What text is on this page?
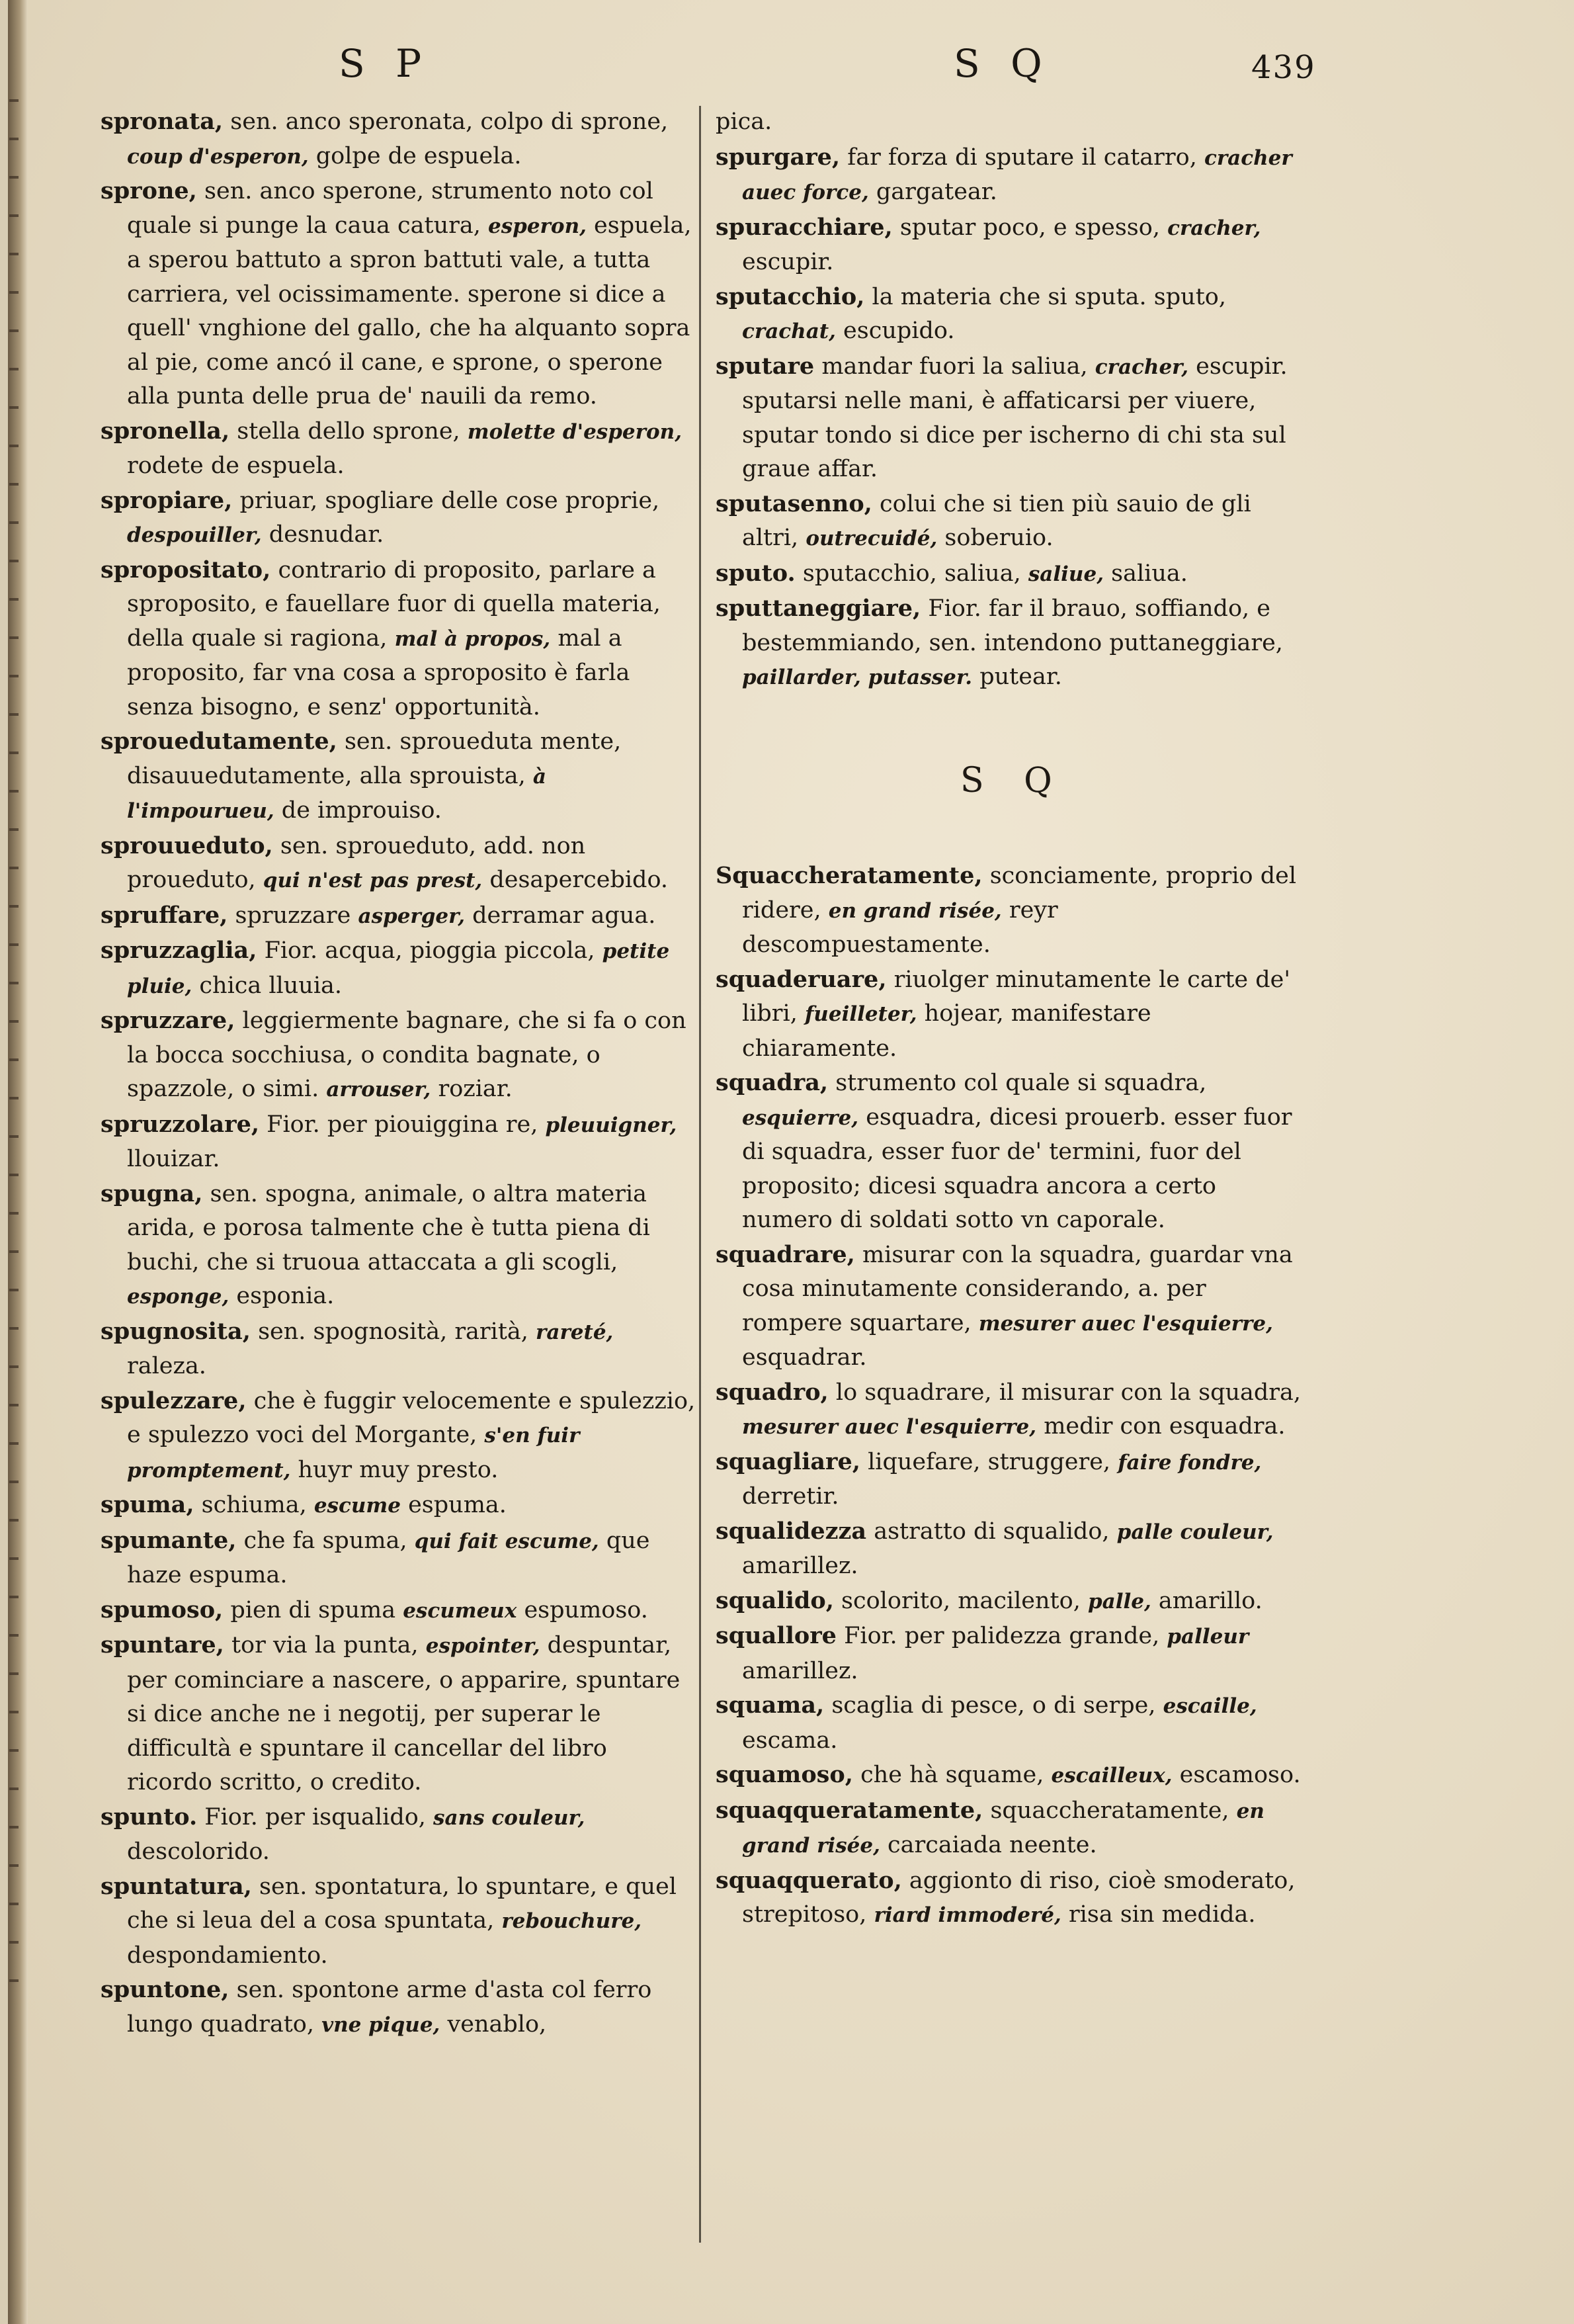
S P	S Q	439

spronata, sen. anco speronata, colpo di sprone, coup d'esperon, golpe de espuela.

sprone, sen. anco sperone, strumento noto col quale si punge la caua catura, esperon, espuela, a sperou battuto a spron battuti vale, a tutta carriera, vel ocissimamente. sperone si dice a quell' vnghione del gallo, che ha alquanto sopra al pie, come ancó il cane, e sprone, o sperone alla punta delle prua de' nauili da remo.

spronella, stella dello sprone, molette d'esperon, rodete de espuela.

spropiare, priuar, spogliare delle cose proprie, despouiller, desnudar.

spropositato, contrario di proposito, parlare a sproposito, e fauellare fuor di quella materia, della quale si ragiona, mal à propos, mal a proposito, far vna cosa a sproposito è farla senza bisogno, e senz' opportunità.

sprouedutamente, sen. sproueduta mente, disauuedutamente, alla sprouista, à l'impourueu, de improuiso.

sprouueduto, sen. sproueduto, add. non proueduto, qui n'est pas prest, desapercebido.

spruffare, spruzzare asperger, derramar agua.

spruzzaglia, Fior. acqua, pioggia piccola, petite pluie, chica lluuia.

spruzzare, leggiermente bagnare, che si fa o con la bocca socchiusa, o condita bagnate, o spazzole, o simi. arrouser, roziar.

spruzzolare, Fior. per piouiggina re, pleuuigner, llouizar.

spugna, sen. spogna, animale, o altra materia arida, e porosa talmente che è tutta piena di buchi, che si truoua attaccata a gli scogli, esponge, esponia.

spugnosita, sen. spognosità, rarità, rareté, raleza.

spulezzare, che è fuggir velocemente e spulezzio, e spulezzo voci del Morgante, s'en fuir promptement, huyr muy presto.

spuma, schiuma, escume espuma.

spumante, che fa spuma, qui fait escume, que haze espuma.

spumoso, pien di spuma escumeux espumoso.

spuntare, tor via la punta, espointer, despuntar, per cominciare a nascere, o apparire, spuntare si dice anche ne i negotij, per superar le difficultà e spuntare il cancellar del libro ricordo scritto, o credito.

spunto. Fior. per isqualido, sans couleur, descolorido.

spuntatura, sen. spontatura, lo spuntare, e quel che si leua del a cosa spuntata, rebouchure, despondamiento.

spuntone, sen. spontone arme d'asta col ferro lungo quadrato, vne pique, venablo,

pica.

spurgare, far forza di sputare il catarro, cracher auec force, gargatear.

spuracchiare, sputar poco, e spesso, cracher, escupir.

sputacchio, la materia che si sputa. sputo, crachat, escupido.

sputare mandar fuori la saliua, cracher, escupir. sputarsi nelle mani, è affaticarsi per viuere, sputar tondo si dice per ischerno di chi sta sul graue affar.

sputasenno, colui che si tien più sauio de gli altri, outrecuidé, soberuio.

sputo. sputacchio, saliua, saliue, saliua.

sputtaneggiare, Fior. far il brauo, soffiando, e bestemmiando, sen. intendono puttaneggiare, paillarder, putasser. putear.

Squaccheratamente, sconciamente, proprio del ridere, en grand risée, reyr descompuestamente.

squaderuare, riuolger minutamente le carte de' libri, fueilleter, hojear, manifestare chiaramente.

squadra, strumento col quale si squadra, esquierre, esquadra, dicesi prouerb. esser fuor di squadra, esser fuor de' termini, fuor del proposito; dicesi squadra ancora a certo numero di soldati sotto vn caporale.

squadrare, misurar con la squadra, guardar vna cosa minutamente considerando, a. per rompere squartare, mesurer auec l'esquierre, esquadrar.

squadro, lo squadrare, il misurar con la squadra, mesurer auec l'esquierre, medir con esquadra.

squagliare, liquefare, struggere, faire fondre, derretir.

squalidezza astratto di squalido, palle couleur, amarillez.

squalido, scolorito, macilento, palle, amarillo.

squallore Fior. per palidezza grande, palleur amarillez.

squama, scaglia di pesce, o di serpe, escaille, escama.

squamoso, che hà squame, escailleux, escamoso.

squaqqueratamente, squaccheratamente, en grand risée, carcaiada neente.

squaqquerato, aggionto di riso, cioè smoderato, strepitoso, riard immoderé, risa sin medida.

S Q
